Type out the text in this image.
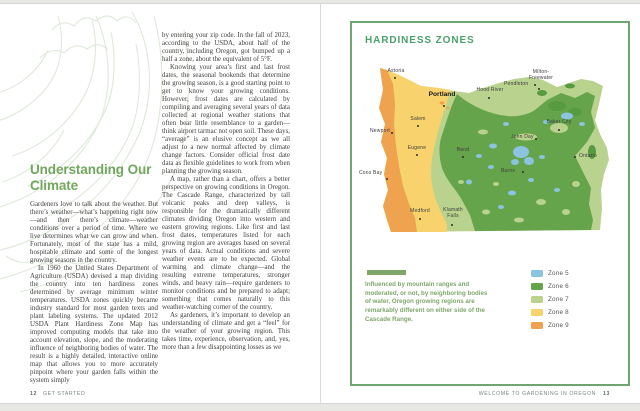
Understanding Our Climate

Gardeners love to talk about the weather. But there’s weather—what’s happening right now—and then there’s climate—weather conditions over a period of time. Where we live determines what we can grow and when. Fortunately, most of the state has a mild, hospitable climate and some of the longest growing seasons in the country.

In 1960 the United States Department of Agriculture (USDA) devised a map dividing the country into ten hardiness zones determined by average minimum winter temperatures. USDA zones quickly became industry standard for most garden texts and plant labeling systems. The updated 2012 USDA Plant Hardiness Zone Map has improved computing models that take into account elevation, slope, and the moderating influence of neighboring bodies of water. The result is a highly detailed, interactive online map that allows you to more accurately pinpoint where your garden falls within the system simply

by entering your zip code. In the fall of 2023, according to the USDA, about half of the country, including Oregon, got bumped up a half a zone, about the equivalent of 5°F.

Knowing your area’s first and last frost dates, the seasonal bookends that determine the growing season, is a good starting point to get to know your growing conditions. However, frost dates are calculated by compiling and averaging several years of data collected at regional weather stations that often bear little resemblance to a garden—think airport tarmac not open soil. These days, “average” is an elusive concept as we all adjust to a new normal affected by climate change factors. Consider official frost date data as flexible guidelines to work from when planning the growing season.

A map, rather than a chart, offers a better perspective on growing conditions in Oregon. The Cascade Range, characterized by tall volcanic peaks and deep valleys, is responsible for the dramatically different climates dividing Oregon into western and eastern growing regions. Like first and last frost dates, temperatures listed for each growing region are averages based on several years of data. Actual conditions and severe weather events are to be expected. Global warming and climate change—and the resulting extreme temperatures, stronger winds, and heavy rain—require gardeners to monitor conditions and be prepared to adapt; something that comes naturally to this weather-watching corner of the country.

As gardeners, it’s important to develop an understanding of climate and get a “feel” for the weather of your growing region. This takes time, experience, observation, and, yes, more than a few disappointing losses as we

12 GET STARTED
HARDINESS ZONES
Astoria
Portland
Hood River
Milton-Freewater
Pendleton
Baker City
Newport
Salem
John Day
Eugene	Bend
Ontario
Coos Bay	Burns
Medford	Klamath Falls

Influenced by mountain ranges and moderated, or not, by neighboring bodies of water, Oregon growing regions are remarkably different on either side of the Cascade Range.

Zone 5
Zone 6
Zone 7
Zone 8
Zone 9
WELCOME TO GARDENING IN OREGON 13
